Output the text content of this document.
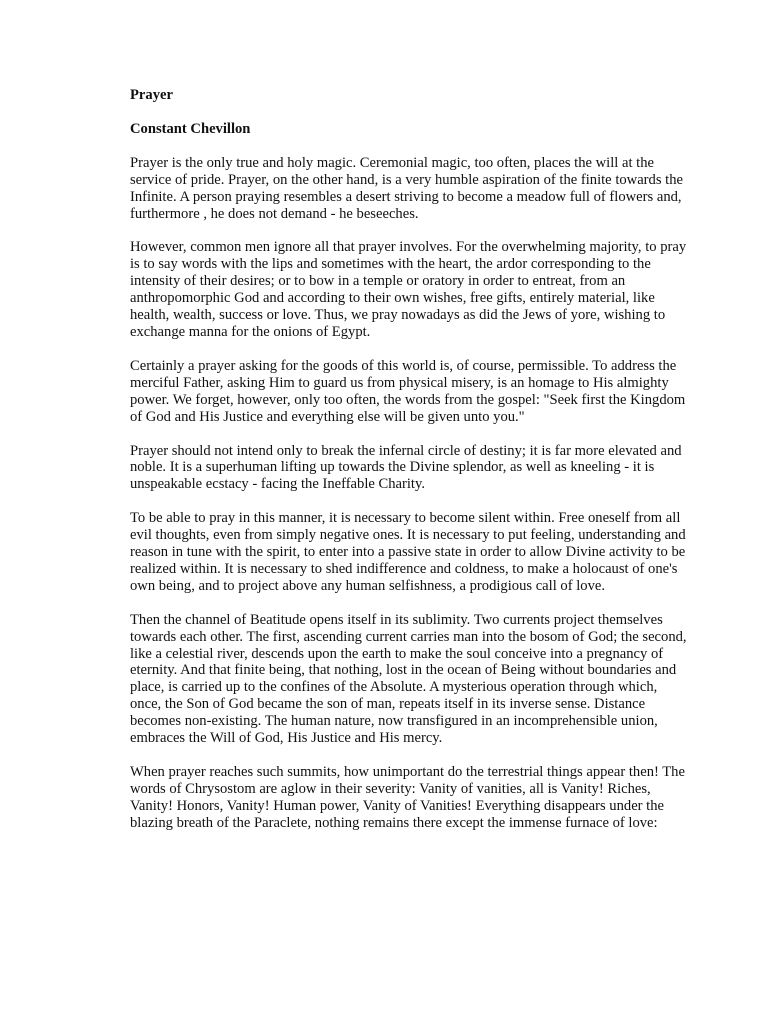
Prayer

Constant Chevillon

Prayer is the only true and holy magic. Ceremonial magic, too often, places the will at the service of pride. Prayer, on the other hand, is a very humble aspiration of the finite towards the Infinite. A person praying resembles a desert striving to become a meadow full of flowers and, furthermore , he does not demand - he beseeches.

However, common men ignore all that prayer involves. For the overwhelming majority, to pray is to say words with the lips and sometimes with the heart, the ardor corresponding to the intensity of their desires; or to bow in a temple or oratory in order to entreat, from an anthropomorphic God and according to their own wishes, free gifts, entirely material, like health, wealth, success or love. Thus, we pray nowadays as did the Jews of yore, wishing to exchange manna for the onions of Egypt.

Certainly a prayer asking for the goods of this world is, of course, permissible. To address the merciful Father, asking Him to guard us from physical misery, is an homage to His almighty power. We forget, however, only too often, the words from the gospel: "Seek first the Kingdom of God and His Justice and everything else will be given unto you."

Prayer should not intend only to break the infernal circle of destiny; it is far more elevated and noble. It is a superhuman lifting up towards the Divine splendor, as well as kneeling - it is unspeakable ecstacy - facing the Ineffable Charity.

To be able to pray in this manner, it is necessary to become silent within. Free oneself from all evil thoughts, even from simply negative ones. It is necessary to put feeling, understanding and reason in tune with the spirit, to enter into a passive state in order to allow Divine activity to be realized within. It is necessary to shed indifference and coldness, to make a holocaust of one's own being, and to project above any human selfishness, a prodigious call of love.

Then the channel of Beatitude opens itself in its sublimity. Two currents project themselves towards each other. The first, ascending current carries man into the bosom of God; the second, like a celestial river, descends upon the earth to make the soul conceive into a pregnancy of eternity. And that finite being, that nothing, lost in the ocean of Being without boundaries and place, is carried up to the confines of the Absolute. A mysterious operation through which, once, the Son of God became the son of man, repeats itself in its inverse sense. Distance becomes non-existing. The human nature, now transfigured in an incomprehensible union, embraces the Will of God, His Justice and His mercy.

When prayer reaches such summits, how unimportant do the terrestrial things appear then! The words of Chrysostom are aglow in their severity: Vanity of vanities, all is Vanity! Riches, Vanity! Honors, Vanity! Human power, Vanity of Vanities! Everything disappears under the blazing breath of the Paraclete, nothing remains there except the immense furnace of love:
